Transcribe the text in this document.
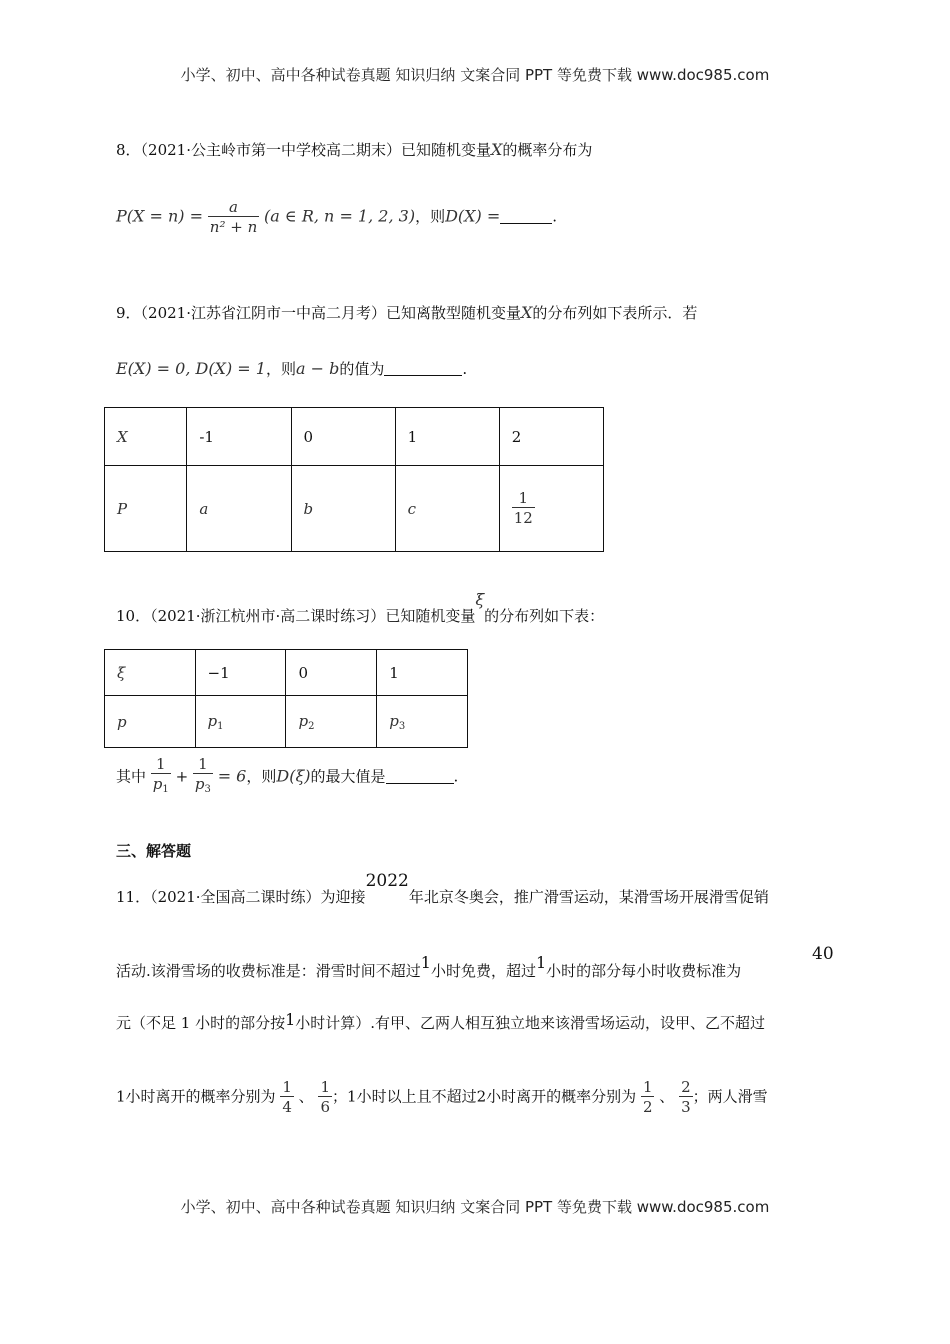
小学、初中、高中各种试卷真题 知识归纳 文案合同 PPT 等免费下载 www.doc985.com
8．（2021·公主岭市第一中学校高二期末）已知随机变量X的概率分布为
$P(X = n) = \frac{a}{\text{n² + n}} (a$ ∈ R, n = 1, 2, 3)，则D(X) =	.
9．（2021·江苏省江阴市一中高二月考）已知离散型随机变量X的分布列如下表所示．若
E(X) = 0, D(X) = 1，则a − b的值为	.
X	-1	0	1	2
P	a	b	c	$\frac{1}{12}$
10．（2021·浙江杭州市·高二课时练习）已知随机变量ξ的分布列如下表：
ξ	−1	0	1
p	$p_1$	$p_2$	$p_3$
其中 $\frac{1}{p_1} + \frac{1}{p_3} = 6$，则D(ξ)的最大值是	.
三、解答题
11．（2021·全国高二课时练）为迎接2022年北京冬奥会，推广滑雪运动，某滑雪场开展滑雪促销
活动.该滑雪场的收费标准是：滑雪时间不超过1小时免费，超过1小时的部分每小时收费标准为
40
元（不足 1 小时的部分按1小时计算）.有甲、乙两人相互独立地来该滑雪场运动，设甲、乙不超过
1小时离开的概率分别为 $\frac{1}{4}$ 、 $\frac{1}{6}$ ；1小时以上且不超过2小时离开的概率分别为 $\frac{1}{2}$ 、 $\frac{2}{3}$ ；两人滑雪
小学、初中、高中各种试卷真题 知识归纳 文案合同 PPT 等免费下载 www.doc985.com
